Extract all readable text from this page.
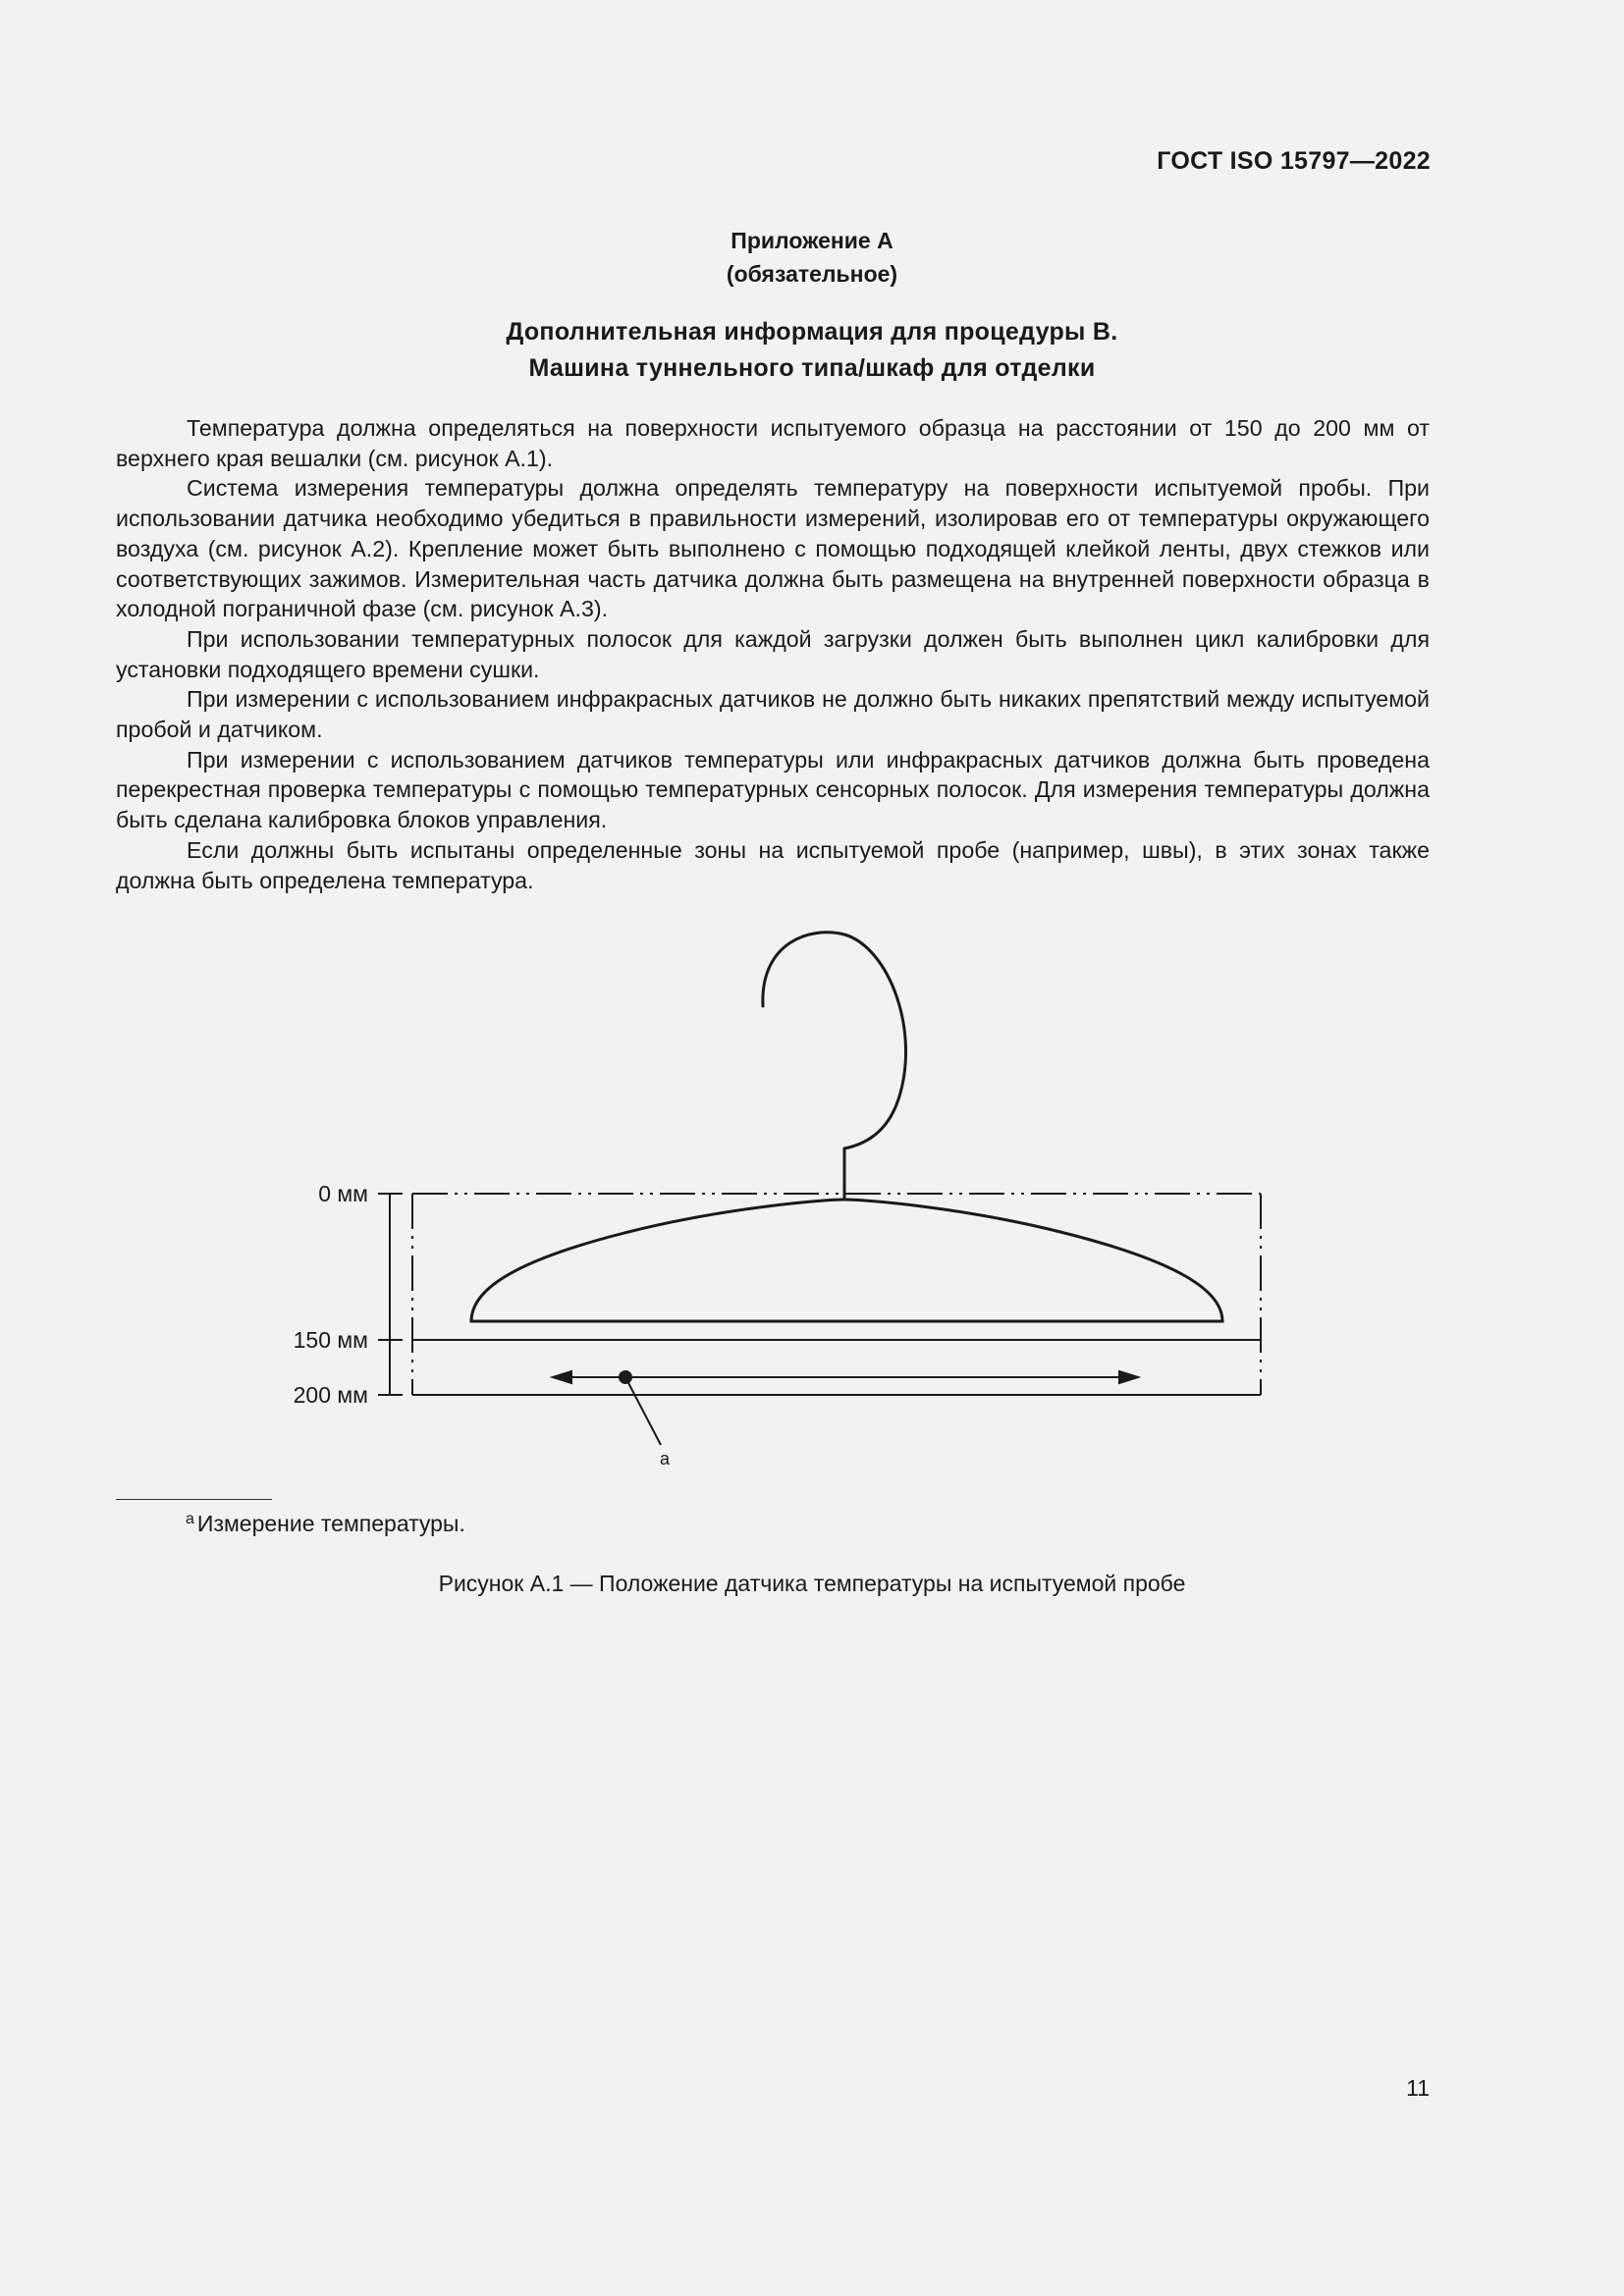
ГОСТ ISO 15797—2022
Приложение А
(обязательное)
Дополнительная информация для процедуры В.
Машина туннельного типа/шкаф для отделки

Температура должна определяться на поверхности испытуемого образца на расстоянии от 150 до 200 мм от верхнего края вешалки (см. рисунок А.1).

Система измерения температуры должна определять температуру на поверхности испытуемой пробы. При использовании датчика необходимо убедиться в правильности измерений, изолировав его от температуры окружающего воздуха (см. рисунок А.2). Крепление может быть выполнено с помощью подходящей клейкой ленты, двух стежков или соответствующих зажимов. Измерительная часть датчика должна быть размещена на внутренней поверхности образца в холодной пограничной фазе (см. рисунок А.3).

При использовании температурных полосок для каждой загрузки должен быть выполнен цикл калибровки для установки подходящего времени сушки.

При измерении с использованием инфракрасных датчиков не должно быть никаких препятствий между испытуемой пробой и датчиком.

При измерении с использованием датчиков температуры или инфракрасных датчиков должна быть проведена перекрестная проверка температуры с помощью температурных сенсорных полосок. Для измерения температуры должна быть сделана калибровка блоков управления.

Если должны быть испытаны определенные зоны на испытуемой пробе (например, швы), в этих зонах также должна быть определена температура.

0 мм
150 мм
200 мм
a
$^a$ Измерение температуры.
Рисунок А.1 — Положение датчика температуры на испытуемой пробе
11
